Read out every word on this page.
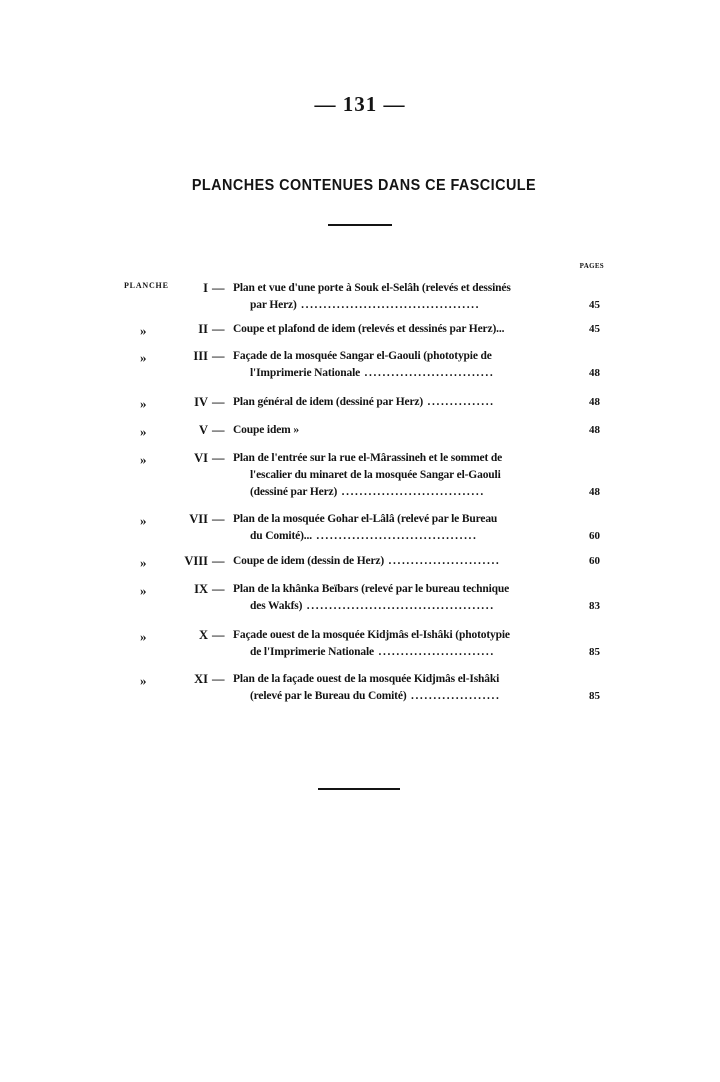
— 131 —
PLANCHES CONTENUES DANS CE FASCICULE
PAGES
PLANCHE	I — Plan et vue d'une porte à Souk el-Selâh (relevés et dessinés
par Herz) ........................................	45
»	II — Coupe et plafond de idem (relevés et dessinés par Herz)...	45
»	III — Façade de la mosquée Sangar el-Gaouli (phototypie de
l'Imprimerie Nationale .............................	48
»	IV — Plan général de idem (dessiné par Herz) ...............	48
»	V — Coupe idem »	48
»	VI — Plan de l'entrée sur la rue el-Mârassineh et le sommet de
l'escalier du minaret de la mosquée Sangar el-Gaouli
(dessiné par Herz) ................................	48
»	VII — Plan de la mosquée Gohar el-Lâlâ (relevé par le Bureau
du Comité)... ....................................	60
»	VIII — Coupe de idem (dessin de Herz) .........................	60
»	IX — Plan de la khânka Beïbars (relevé par le bureau technique
des Wakfs) ..........................................	83
»	X — Façade ouest de la mosquée Kidjmâs el-Ishâki (phototypie
de l'Imprimerie Nationale ..........................	85
»	XI — Plan de la façade ouest de la mosquée Kidjmâs el-Ishâki
(relevé par le Bureau du Comité) ....................	85
